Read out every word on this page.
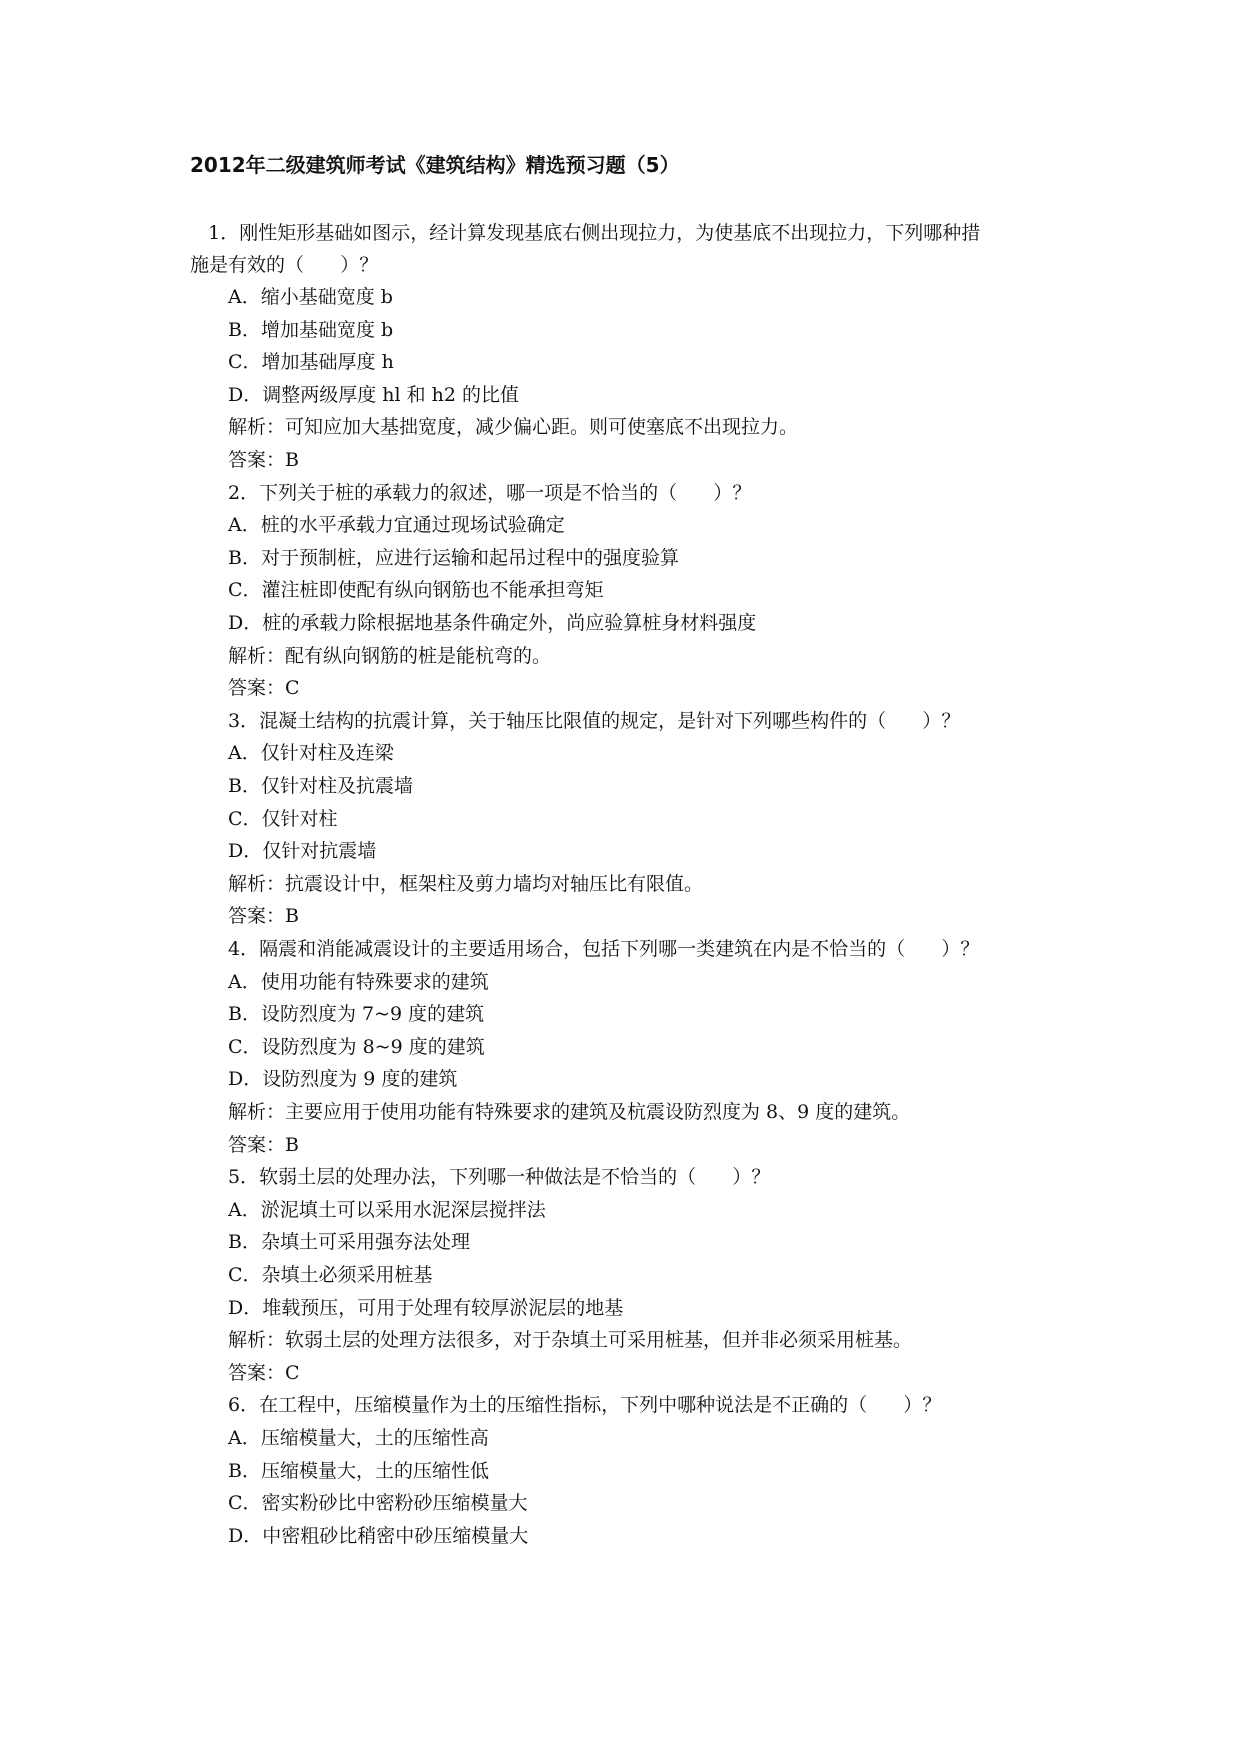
2012年二级建筑师考试《建筑结构》精选预习题（5）
1．刚性矩形基础如图示，经计算发现基底右侧出现拉力，为使基底不出现拉力，下列哪种措
施是有效的（      ）？
A．缩小基础宽度 b
B．增加基础宽度 b
C．增加基础厚度 h
D．调整两级厚度 hl 和 h2 的比值
解析：可知应加大基拙宽度，减少偏心距。则可使塞底不出现拉力。
答案：B
2．下列关于桩的承载力的叙述，哪一项是不恰当的（      ）？
A．桩的水平承载力宜通过现场试验确定
B．对于预制桩，应进行运输和起吊过程中的强度验算
C．灌注桩即使配有纵向钢筋也不能承担弯矩
D．桩的承载力除根据地基条件确定外，尚应验算桩身材料强度
解析：配有纵向钢筋的桩是能杭弯的。
答案：C
3．混凝土结构的抗震计算，关于轴压比限值的规定，是针对下列哪些构件的（      ）？
A．仅针对柱及连梁
B．仅针对柱及抗震墙
C．仅针对柱
D．仅针对抗震墙
解析：抗震设计中，框架柱及剪力墙均对轴压比有限值。
答案：B
4．隔震和消能减震设计的主要适用场合，包括下列哪一类建筑在内是不恰当的（      ）？
A．使用功能有特殊要求的建筑
B．设防烈度为 7~9 度的建筑
C．设防烈度为 8~9 度的建筑
D．设防烈度为 9 度的建筑
解析：主要应用于使用功能有特殊要求的建筑及杭震设防烈度为 8、9 度的建筑。
答案：B
5．软弱土层的处理办法，下列哪一种做法是不恰当的（      ）？
A．淤泥填土可以采用水泥深层搅拌法
B．杂填土可采用强夯法处理
C．杂填土必须采用桩基
D．堆载预压，可用于处理有较厚淤泥层的地基
解析：软弱土层的处理方法很多，对于杂填土可采用桩基，但并非必须采用桩基。
答案：C
6．在工程中，压缩模量作为土的压缩性指标，下列中哪种说法是不正确的（      ）？
A．压缩模量大，土的压缩性高
B．压缩模量大，土的压缩性低
C．密实粉砂比中密粉砂压缩模量大
D．中密粗砂比稍密中砂压缩模量大
